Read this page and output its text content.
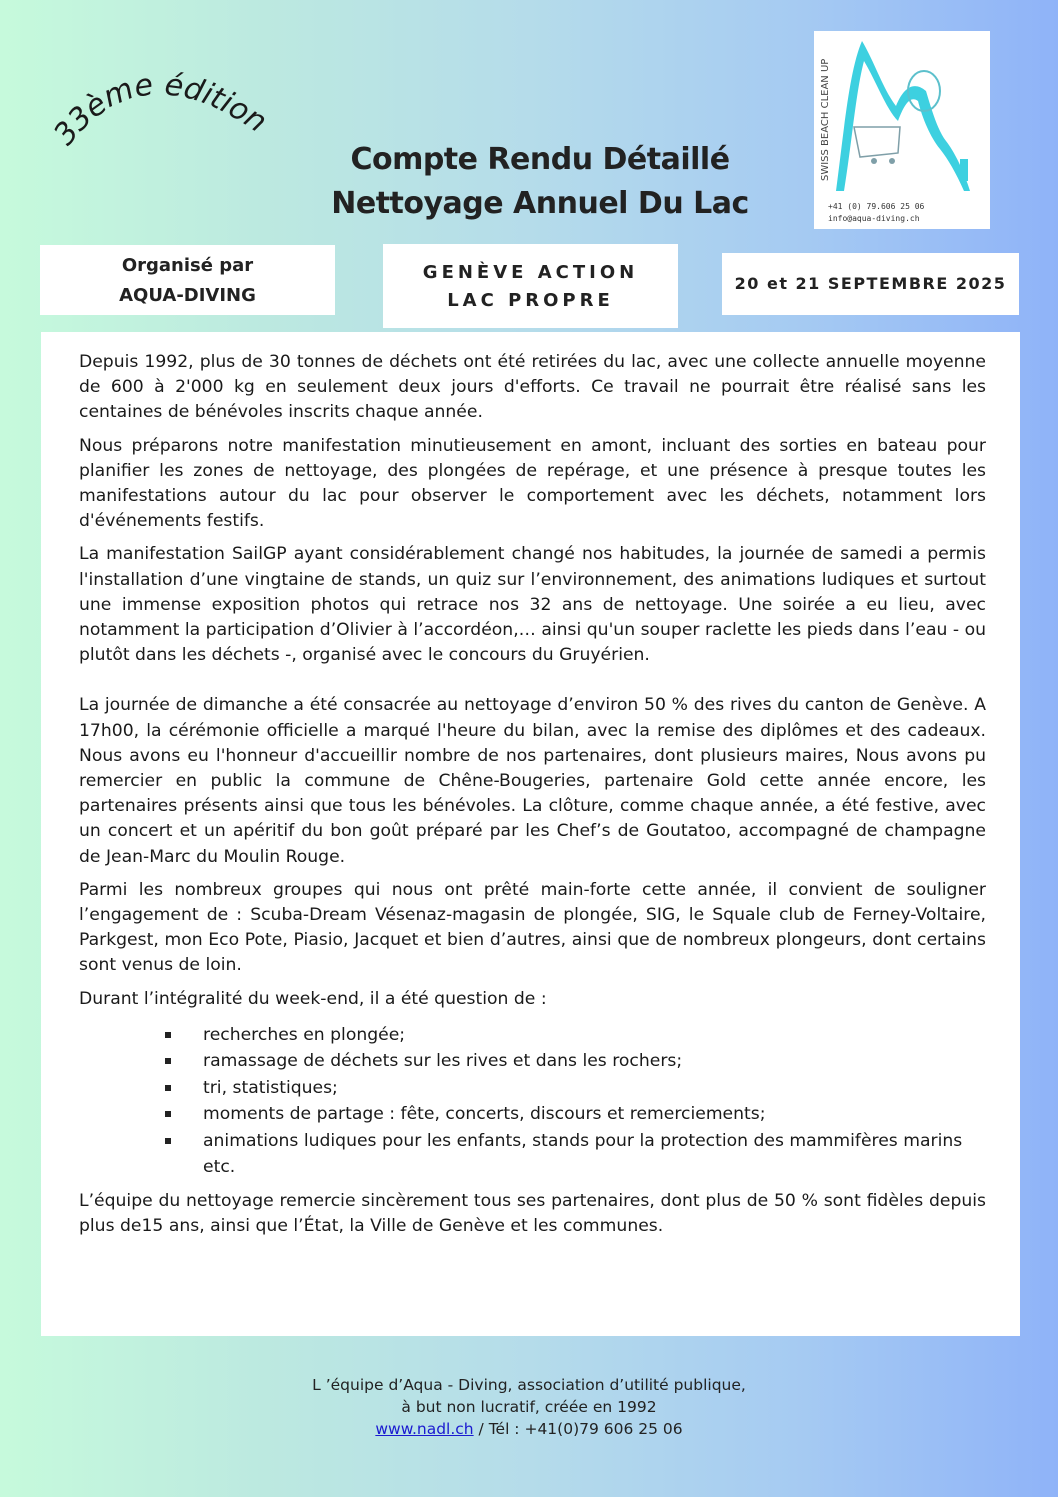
33ème édition	SWISS BEACH CLEAN UP
+41 (0) 79.606 25 06
info@aqua-diving.ch
Compte Rendu Détaillé
Nettoyage Annuel Du Lac
Organisé par
AQUA-DIVING
GENÈVE ACTION
LAC PROPRE
20 et 21 SEPTEMBRE 2025

Depuis 1992, plus de 30 tonnes de déchets ont été retirées du lac, avec une collecte annuelle moyenne de 600 à 2'000 kg en seulement deux jours d'efforts. Ce travail ne pourrait être réalisé sans les centaines de bénévoles inscrits chaque année.

Nous préparons notre manifestation minutieusement en amont, incluant des sorties en bateau pour planifier les zones de nettoyage, des plongées de repérage, et une présence à presque toutes les manifestations autour du lac pour observer le comportement avec les déchets, notamment lors d'événements festifs.

La manifestation SailGP ayant considérablement changé nos habitudes, la journée de samedi a permis l'installation d’une vingtaine de stands, un quiz sur l’environnement, des animations ludiques et surtout une immense exposition photos qui retrace nos 32 ans de nettoyage. Une soirée a eu lieu, avec notamment la participation d’Olivier à l’accordéon,… ainsi qu'un souper raclette les pieds dans l’eau - ou plutôt dans les déchets -, organisé avec le concours du Gruyérien.

La journée de dimanche a été consacrée au nettoyage d’environ 50 % des rives du canton de Genève. A 17h00, la cérémonie officielle a marqué l'heure du bilan, avec la remise des diplômes et des cadeaux. Nous avons eu l'honneur d'accueillir nombre de nos partenaires, dont plusieurs maires, Nous avons pu remercier en public la commune de Chêne-Bougeries, partenaire Gold cette année encore, les partenaires présents ainsi que tous les bénévoles. La clôture, comme chaque année, a été festive, avec un concert et un apéritif du bon goût préparé par les Chef’s de Goutatoo, accompagné de champagne de Jean-Marc du Moulin Rouge.

Parmi les nombreux groupes qui nous ont prêté main-forte cette année, il convient de souligner l’engagement de : Scuba-Dream Vésenaz-magasin de plongée, SIG, le Squale club de Ferney-Voltaire, Parkgest, mon Eco Pote, Piasio, Jacquet et bien d’autres, ainsi que de nombreux plongeurs, dont certains sont venus de loin.

Durant l’intégralité du week-end, il a été question de :

recherches en plongée;
ramassage de déchets sur les rives et dans les rochers;
tri, statistiques;
moments de partage : fête, concerts, discours et remerciements;
animations ludiques pour les enfants, stands pour la protection des mammifères marins etc.

L’équipe du nettoyage remercie sincèrement tous ses partenaires, dont plus de 50 % sont fidèles depuis plus de15 ans, ainsi que l’État, la Ville de Genève et les communes.

L ’équipe d’Aqua - Diving, association d’utilité publique,
à but non lucratif, créée en 1992
www.nadl.ch / Tél : +41(0)79 606 25 06
